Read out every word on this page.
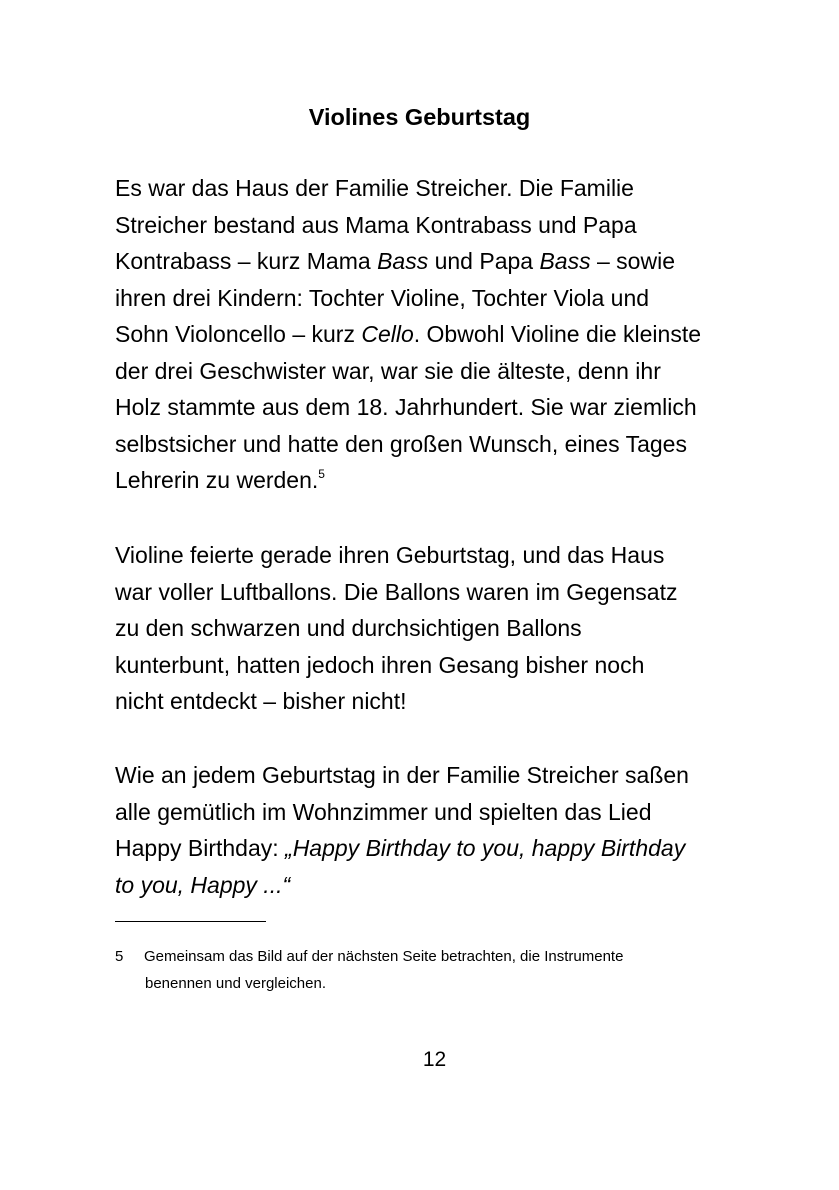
Violines Geburtstag

Es war das Haus der Familie Streicher. Die Familie
Streicher bestand aus Mama Kontrabass und Papa
Kontrabass – kurz Mama Bass und Papa Bass – sowie
ihren drei Kindern: Tochter Violine, Tochter Viola und
Sohn Violoncello – kurz Cello. Obwohl Violine die kleinste
der drei Geschwister war, war sie die älteste, denn ihr
Holz stammte aus dem 18. Jahrhundert. Sie war ziemlich
selbstsicher und hatte den großen Wunsch, eines Tages
Lehrerin zu werden.$^5$

Violine feierte gerade ihren Geburtstag, und das Haus
war voller Luftballons. Die Ballons waren im Gegensatz
zu den schwarzen und durchsichtigen Ballons
kunterbunt, hatten jedoch ihren Gesang bisher noch
nicht entdeckt – bisher nicht!

Wie an jedem Geburtstag in der Familie Streicher saßen
alle gemütlich im Wohnzimmer und spielten das Lied
Happy Birthday: „Happy Birthday to you, happy Birthday
to you, Happy ...“

5	Gemeinsam das Bild auf der nächsten Seite betrachten, die Instrumente
benennen und vergleichen.
12
